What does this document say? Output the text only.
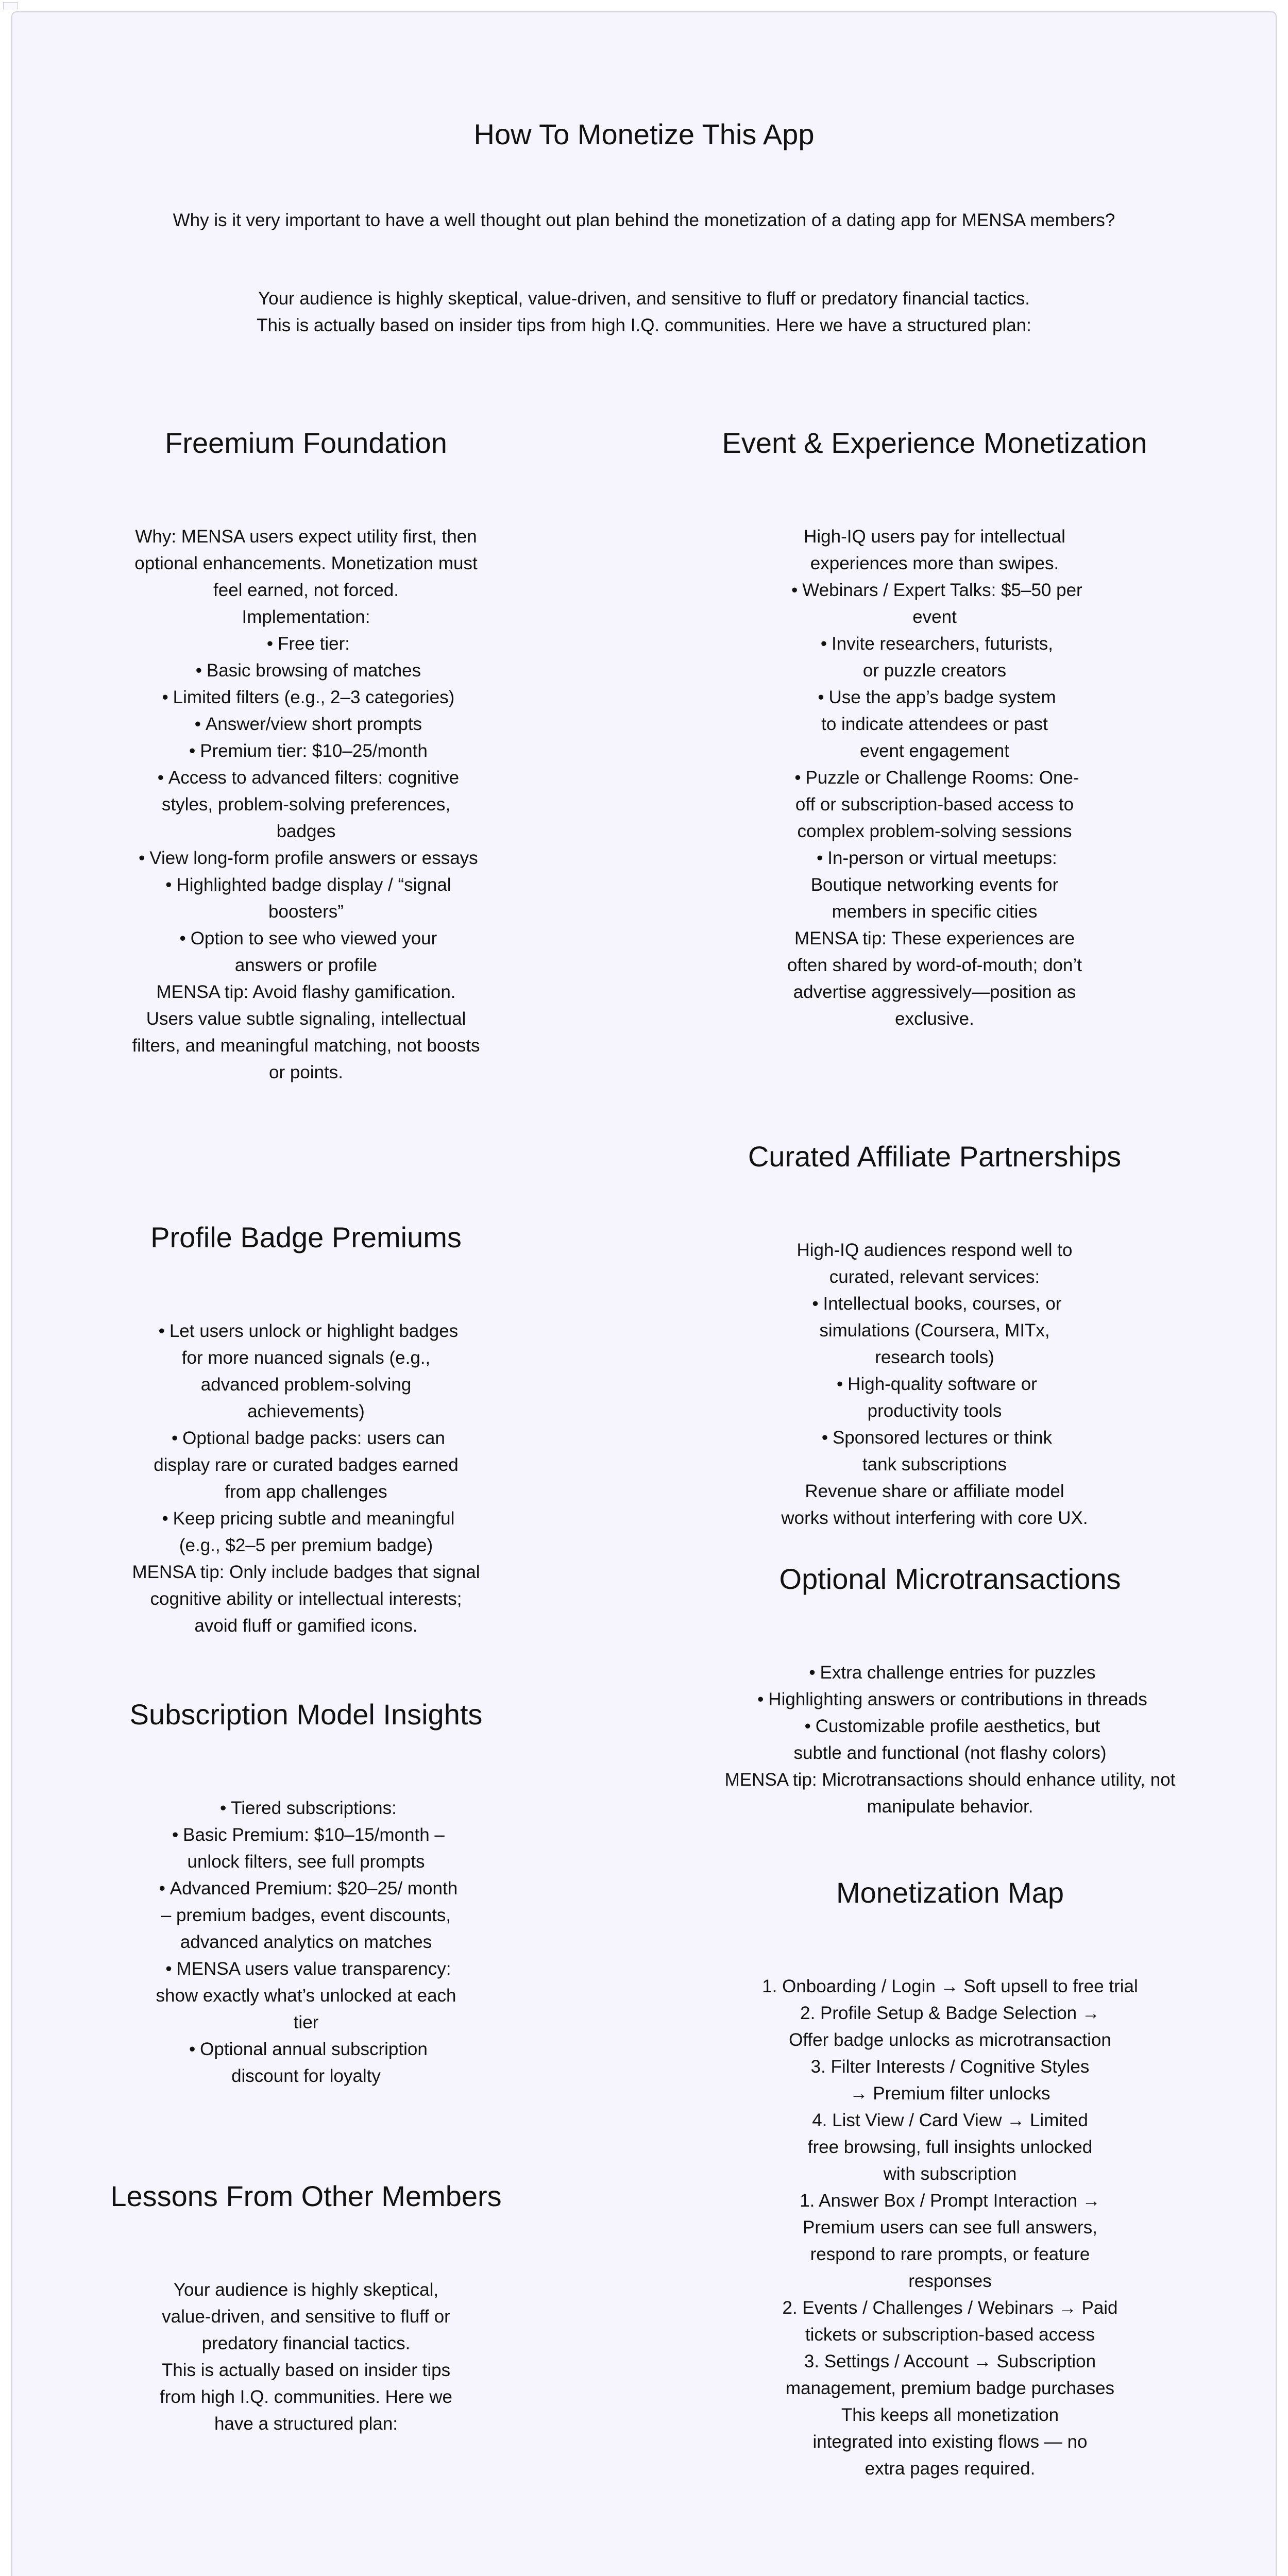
How To Monetize This App

Why is it very important to have a well thought out plan behind the monetization of a dating app for MENSA members?

Your audience is highly skeptical, value-driven, and sensitive to fluff or predatory financial tactics.

This is actually based on insider tips from high I.Q. communities. Here we have a structured plan:

Freemium Foundation

Why: MENSA users expect utility first, then optional enhancements. Monetization must feel earned, not forced.

Implementation:

• Free tier:
• Basic browsing of matches
• Limited filters (e.g., 2–3 categories)
• Answer/view short prompts
• Premium tier: $10–25/month
• Access to advanced filters: cognitive styles, problem-solving preferences, badges
• View long-form profile answers or essays
• Highlighted badge display / “signal boosters”
• Option to see who viewed your answers or profile

MENSA tip: Avoid flashy gamification. Users value subtle signaling, intellectual filters, and meaningful matching, not boosts or points.

Profile Badge Premiums
• Let users unlock or highlight badges for more nuanced signals (e.g., advanced problem-solving achievements)
• Optional badge packs: users can display rare or curated badges earned from app challenges
• Keep pricing subtle and meaningful (e.g., $2–5 per premium badge)

MENSA tip: Only include badges that signal cognitive ability or intellectual interests; avoid fluff or gamified icons.

Subscription Model Insights
• Tiered subscriptions:
• Basic Premium: $10–15/month – unlock filters, see full prompts
• Advanced Premium: $20–25/ month – premium badges, event discounts, advanced analytics on matches
• MENSA users value transparency: show exactly what’s unlocked at each tier
• Optional annual subscription discount for loyalty
Lessons From Other Members

Your audience is highly skeptical, value-driven, and sensitive to fluff or predatory financial tactics.

This is actually based on insider tips from high I.Q. communities. Here we have a structured plan:

Event & Experience Monetization

High-IQ users pay for intellectual experiences more than swipes.

• Webinars / Expert Talks: $5–50 per event
• Invite researchers, futurists, or puzzle creators
• Use the app’s badge system to indicate attendees or past event engagement
• Puzzle or Challenge Rooms: One-off or subscription-based access to complex problem-solving sessions
• In-person or virtual meetups: Boutique networking events for members in specific cities

MENSA tip: These experiences are often shared by word-of-mouth; don’t advertise aggressively—position as exclusive.

Curated Affiliate Partnerships

High-IQ audiences respond well to curated, relevant services:

• Intellectual books, courses, or simulations (Coursera, MITx, research tools)
• High-quality software or productivity tools
• Sponsored lectures or think tank subscriptions

Revenue share or affiliate model works without interfering with core UX.

Optional Microtransactions
• Extra challenge entries for puzzles
• Highlighting answers or contributions in threads
• Customizable profile aesthetics, but subtle and functional (not flashy colors)

MENSA tip: Microtransactions should enhance utility, not manipulate behavior.

Monetization Map
1. Onboarding / Login → Soft upsell to free trial
2. Profile Setup & Badge Selection → Offer badge unlocks as microtransaction
3. Filter Interests / Cognitive Styles → Premium filter unlocks
4. List View / Card View → Limited free browsing, full insights unlocked with subscription
1. Answer Box / Prompt Interaction → Premium users can see full answers, respond to rare prompts, or feature responses
2. Events / Challenges / Webinars → Paid tickets or subscription-based access
3. Settings / Account → Subscription management, premium badge purchases

This keeps all monetization integrated into existing flows — no extra pages required.
